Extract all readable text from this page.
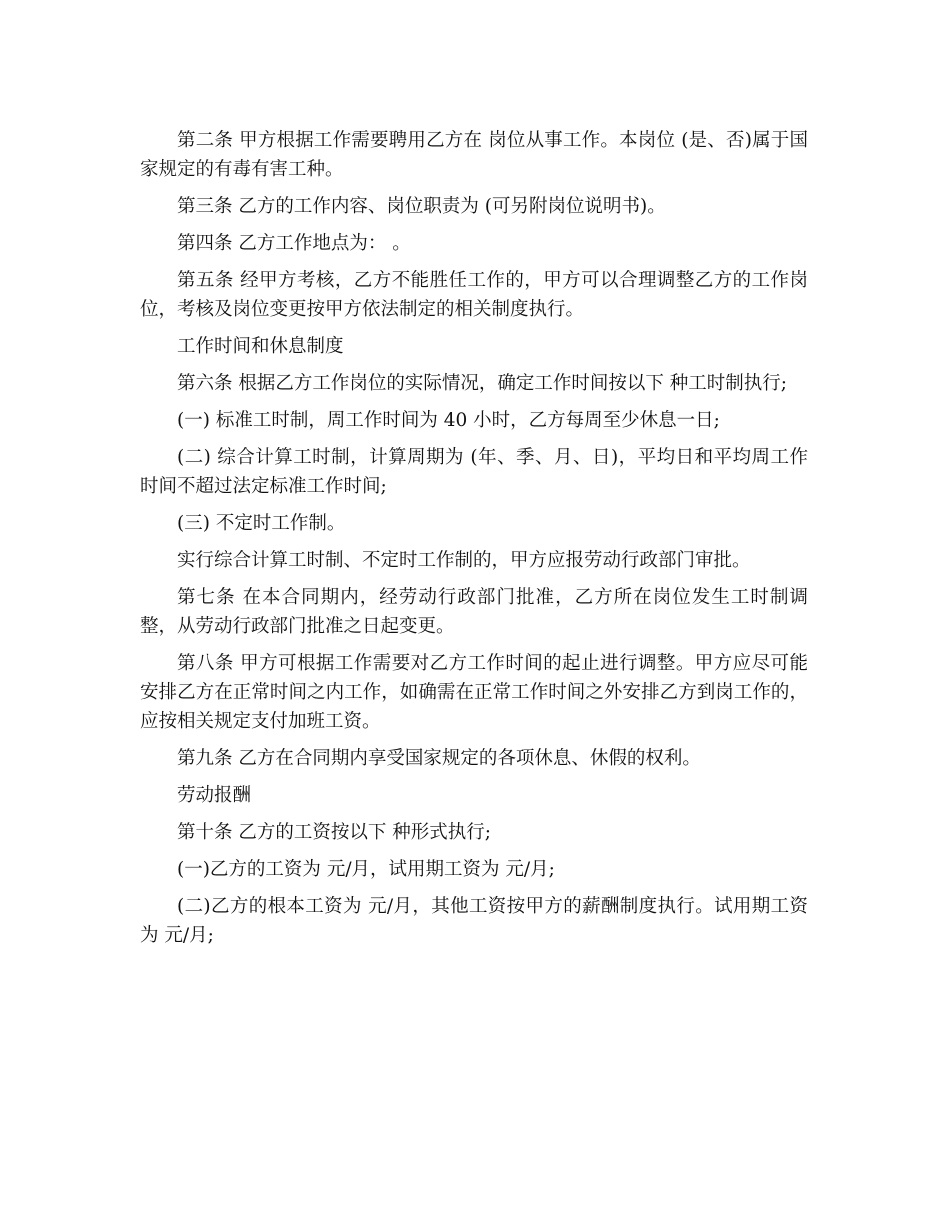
第二条 甲方根据工作需要聘用乙方在 岗位从事工作。本岗位 (是、否)属于国家规定的有毒有害工种。

第三条 乙方的工作内容、岗位职责为 (可另附岗位说明书)。

第四条 乙方工作地点为： 。

第五条 经甲方考核，乙方不能胜任工作的，甲方可以合理调整乙方的工作岗位，考核及岗位变更按甲方依法制定的相关制度执行。

工作时间和休息制度

第六条 根据乙方工作岗位的实际情况，确定工作时间按以下 种工时制执行;

(一) 标准工时制，周工作时间为 40 小时，乙方每周至少休息一日;

(二) 综合计算工时制，计算周期为 (年、季、月、日)，平均日和平均周工作时间不超过法定标准工作时间;

(三) 不定时工作制。

实行综合计算工时制、不定时工作制的，甲方应报劳动行政部门审批。

第七条 在本合同期内，经劳动行政部门批准，乙方所在岗位发生工时制调整，从劳动行政部门批准之日起变更。

第八条 甲方可根据工作需要对乙方工作时间的起止进行调整。甲方应尽可能安排乙方在正常时间之内工作，如确需在正常工作时间之外安排乙方到岗工作的，应按相关规定支付加班工资。

第九条 乙方在合同期内享受国家规定的各项休息、休假的权利。

劳动报酬

第十条 乙方的工资按以下 种形式执行;

(一)乙方的工资为 元/月，试用期工资为 元/月;

(二)乙方的根本工资为 元/月，其他工资按甲方的薪酬制度执行。试用期工资为 元/月;
